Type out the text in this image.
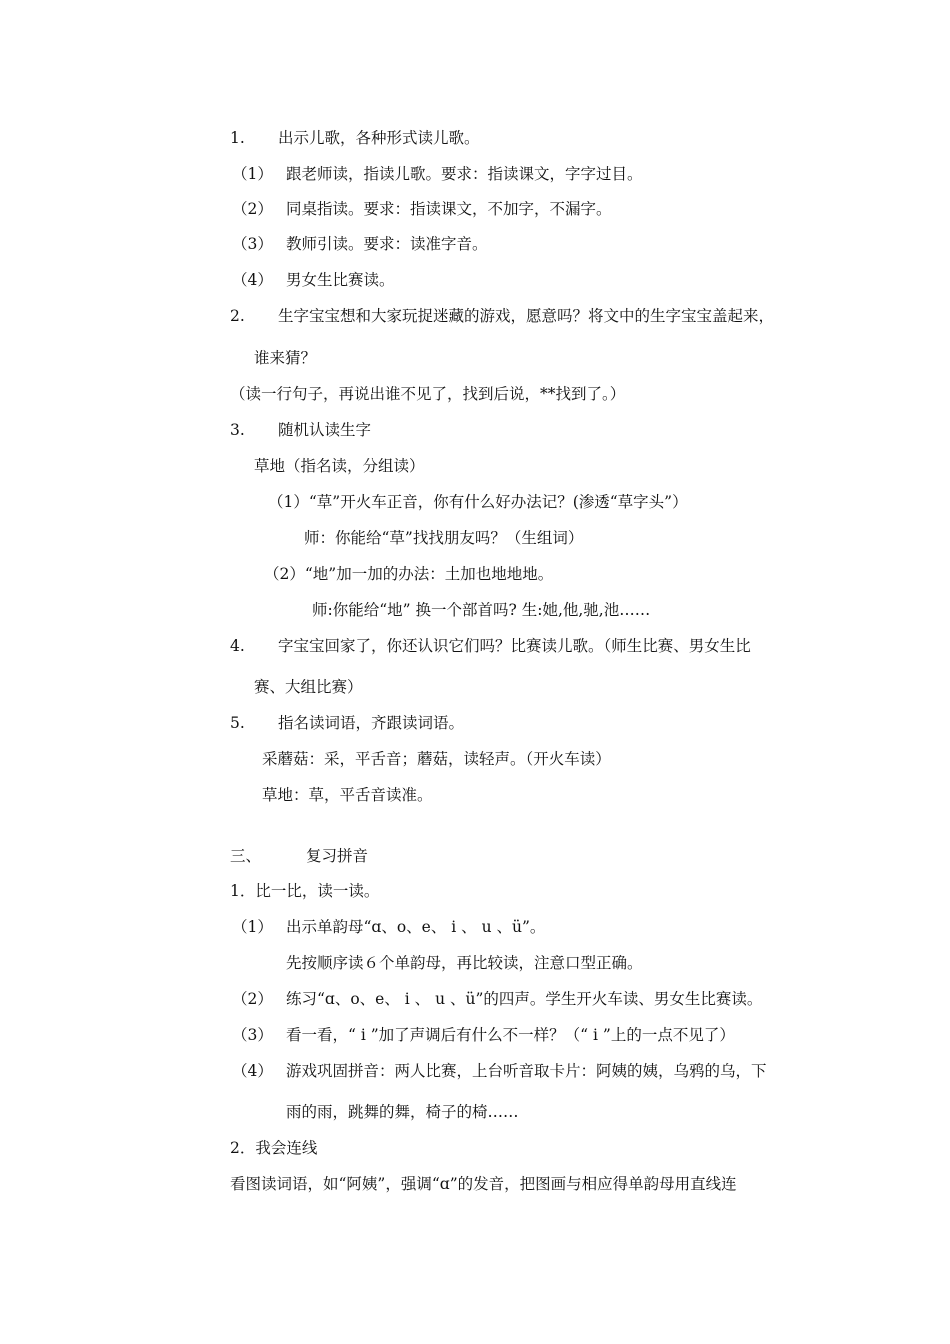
1. 出示儿歌，各种形式读儿歌。
（1） 跟老师读，指读儿歌。要求：指读课文，字字过目。
（2） 同桌指读。要求：指读课文，不加字，不漏字。
（3） 教师引读。要求：读准字音。
（4） 男女生比赛读。
2. 生字宝宝想和大家玩捉迷藏的游戏，愿意吗？将文中的生字宝宝盖起来，
谁来猜？
（读一行句子，再说出谁不见了，找到后说，**找到了。）
3. 随机认读生字
草地（指名读，分组读）
（1）“草”开火车正音，你有什么好办法记？(渗透“草字头”）
师：你能给“草”找找朋友吗？（生组词）
（2）“地”加一加的办法：土加也地地地。
师:你能给“地” 换一个部首吗? 生:她,他,驰,池……
4. 字宝宝回家了，你还认识它们吗？比赛读儿歌。（师生比赛、男女生比
赛、大组比赛）
5. 指名读词语，齐跟读词语。
采蘑菇：采，平舌音；蘑菇，读轻声。（开火车读）
草地：草，平舌音读准。
三、	复习拼音
1．比一比，读一读。
（1） 出示单韵母“ɑ、o、e、 i 、 u 、ü”。
先按顺序读６个单韵母，再比较读，注意口型正确。
（2） 练习“ɑ、o、e、 i 、 u 、ü”的四声。学生开火车读、男女生比赛读。
（3） 看一看，“ i ”加了声调后有什么不一样？（“ i ”上的一点不见了）
（4） 游戏巩固拼音：两人比赛，上台听音取卡片：阿姨的姨，乌鸦的乌，下
雨的雨，跳舞的舞，椅子的椅……
2．我会连线
看图读词语，如“阿姨”，强调“ɑ”的发音，把图画与相应得单韵母用直线连
